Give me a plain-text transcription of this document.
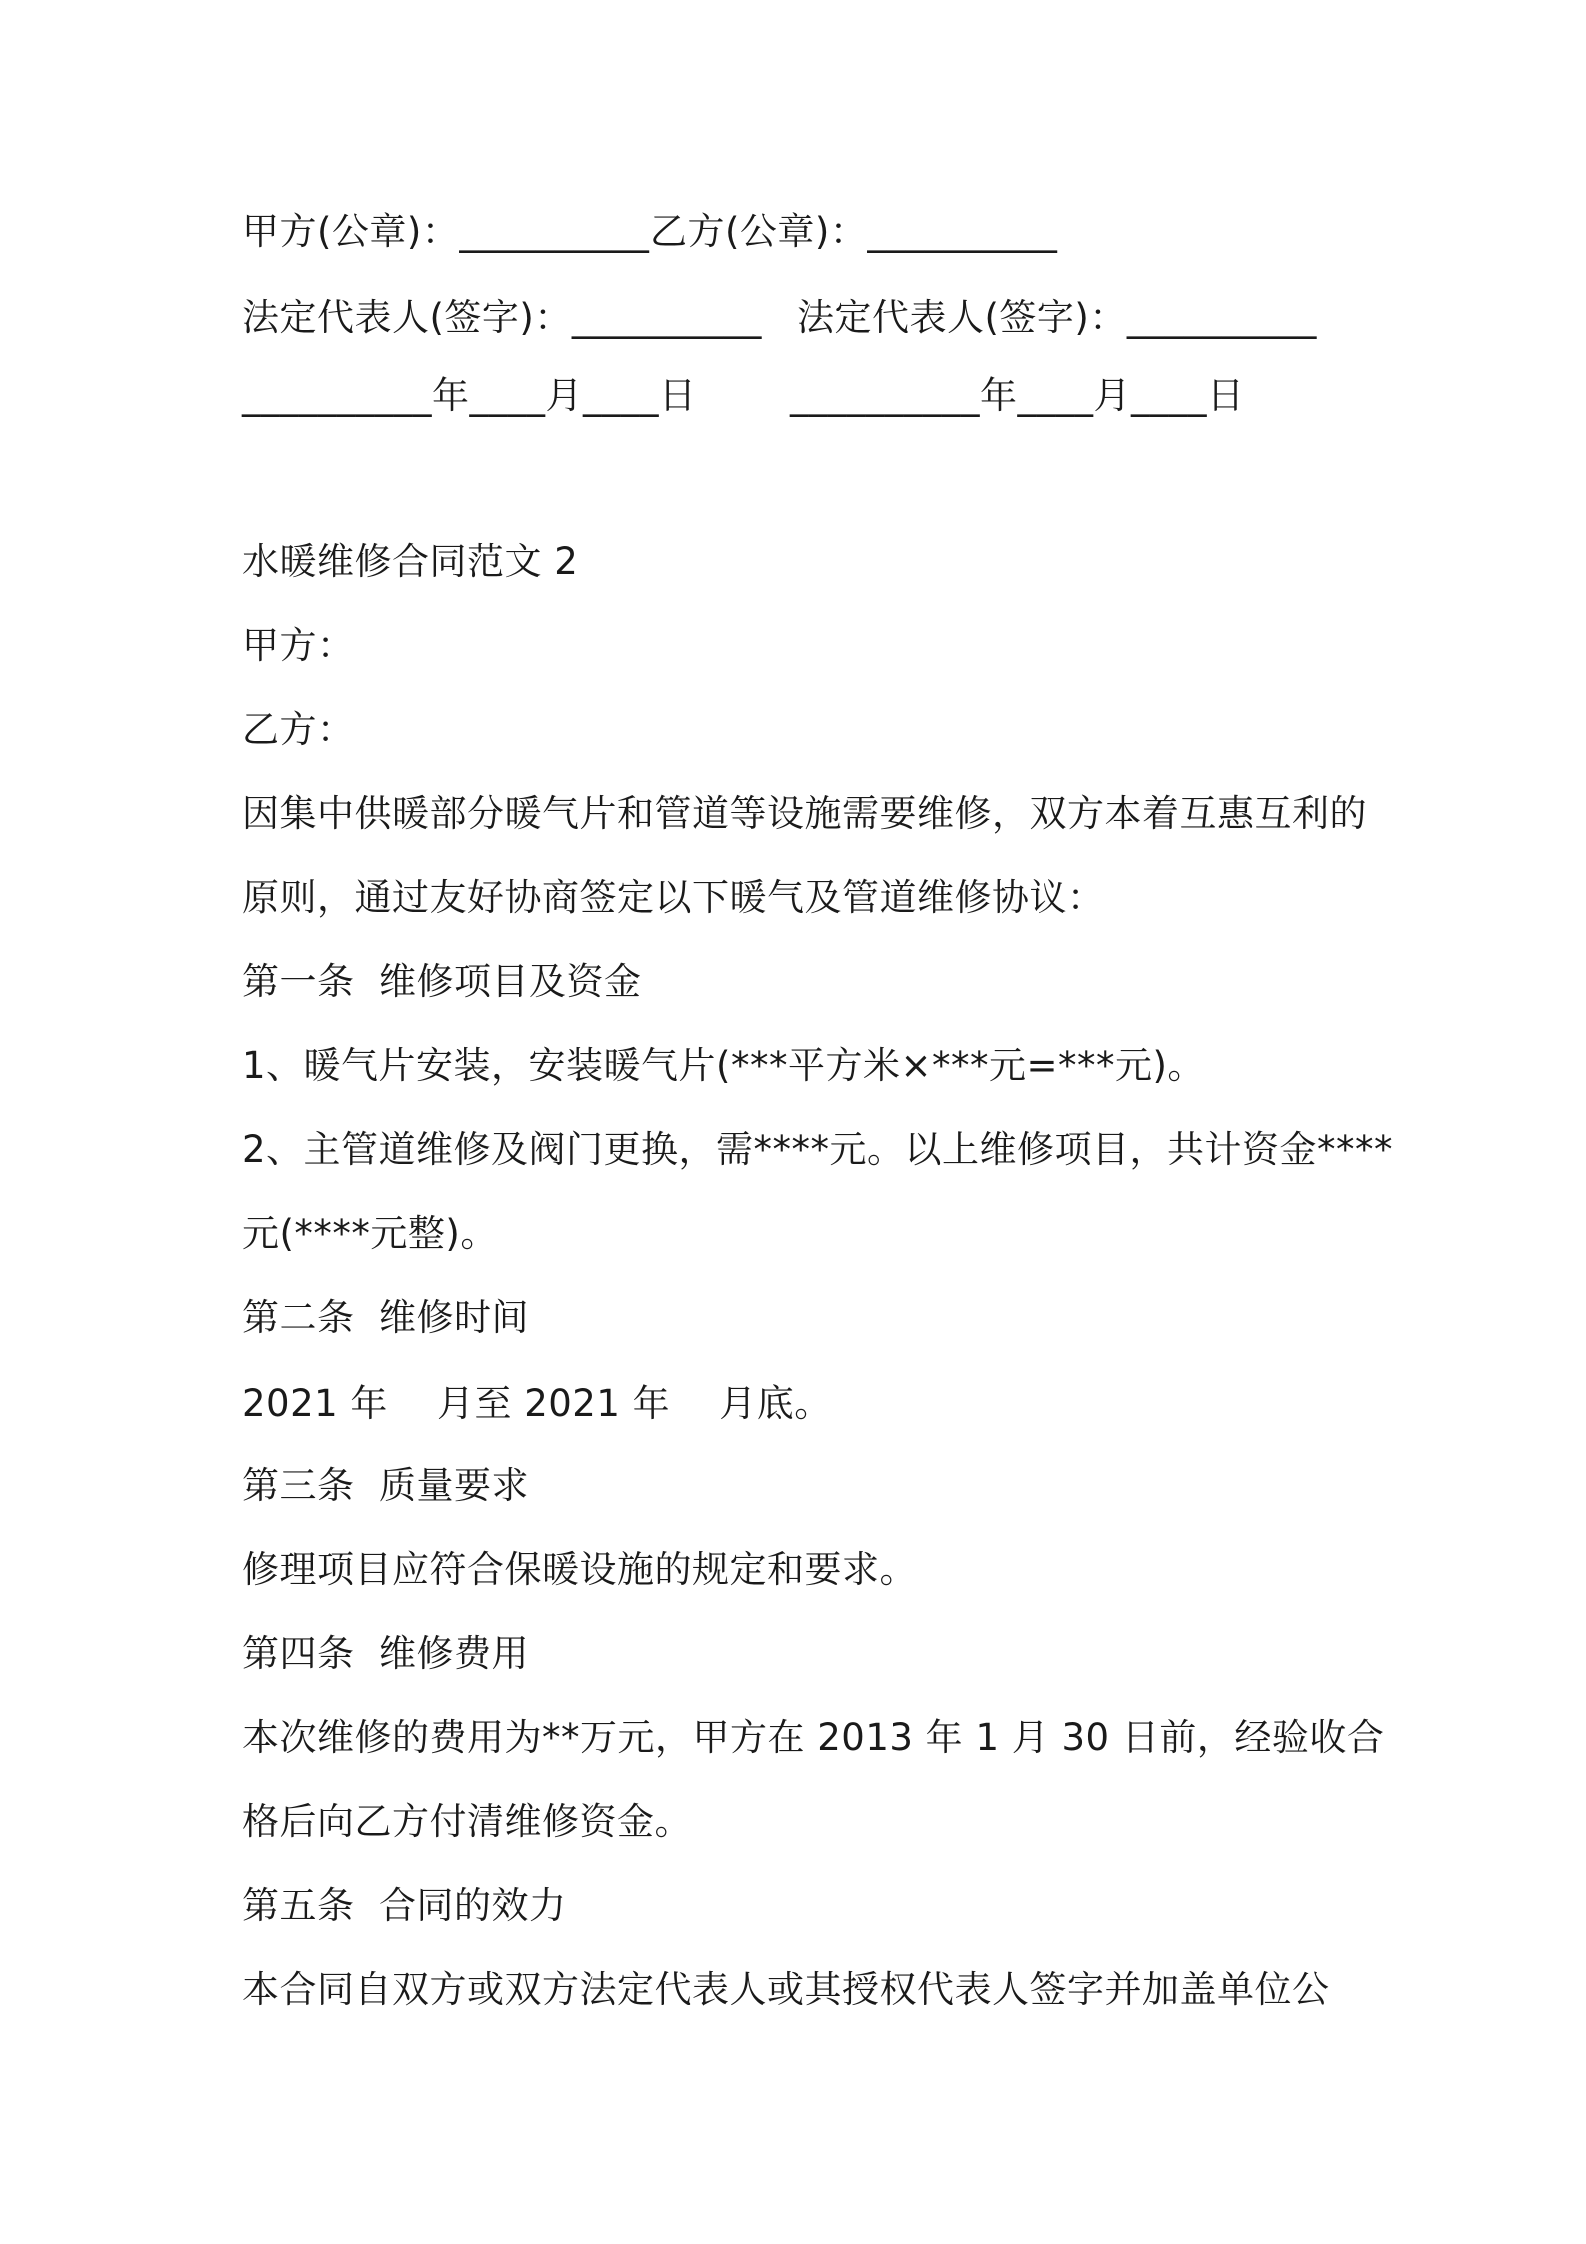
甲方(公章)：__________ 乙方(公章)：__________
法定代表人(签字)：__________ 法定代表人(签字)：__________
__________年____月____日	__________年____月____日
水暖维修合同范文 2
甲方：
乙方：
因集中供暖部分暖气片和管道等设施需要维修，双方本着互惠互利的
原则，通过友好协商签定以下暖气及管道维修协议：
第一条  维修项目及资金
1、暖气片安装，安装暖气片(***平方米×***元=***元)。
2、主管道维修及阀门更换，需****元。以上维修项目，共计资金****
元(****元整)。
第二条  维修时间
2021 年    月至 2021 年    月底。
第三条  质量要求
修理项目应符合保暖设施的规定和要求。
第四条  维修费用
本次维修的费用为**万元，甲方在 2013 年 1 月 30 日前，经验收合
格后向乙方付清维修资金。
第五条  合同的效力
本合同自双方或双方法定代表人或其授权代表人签字并加盖单位公
